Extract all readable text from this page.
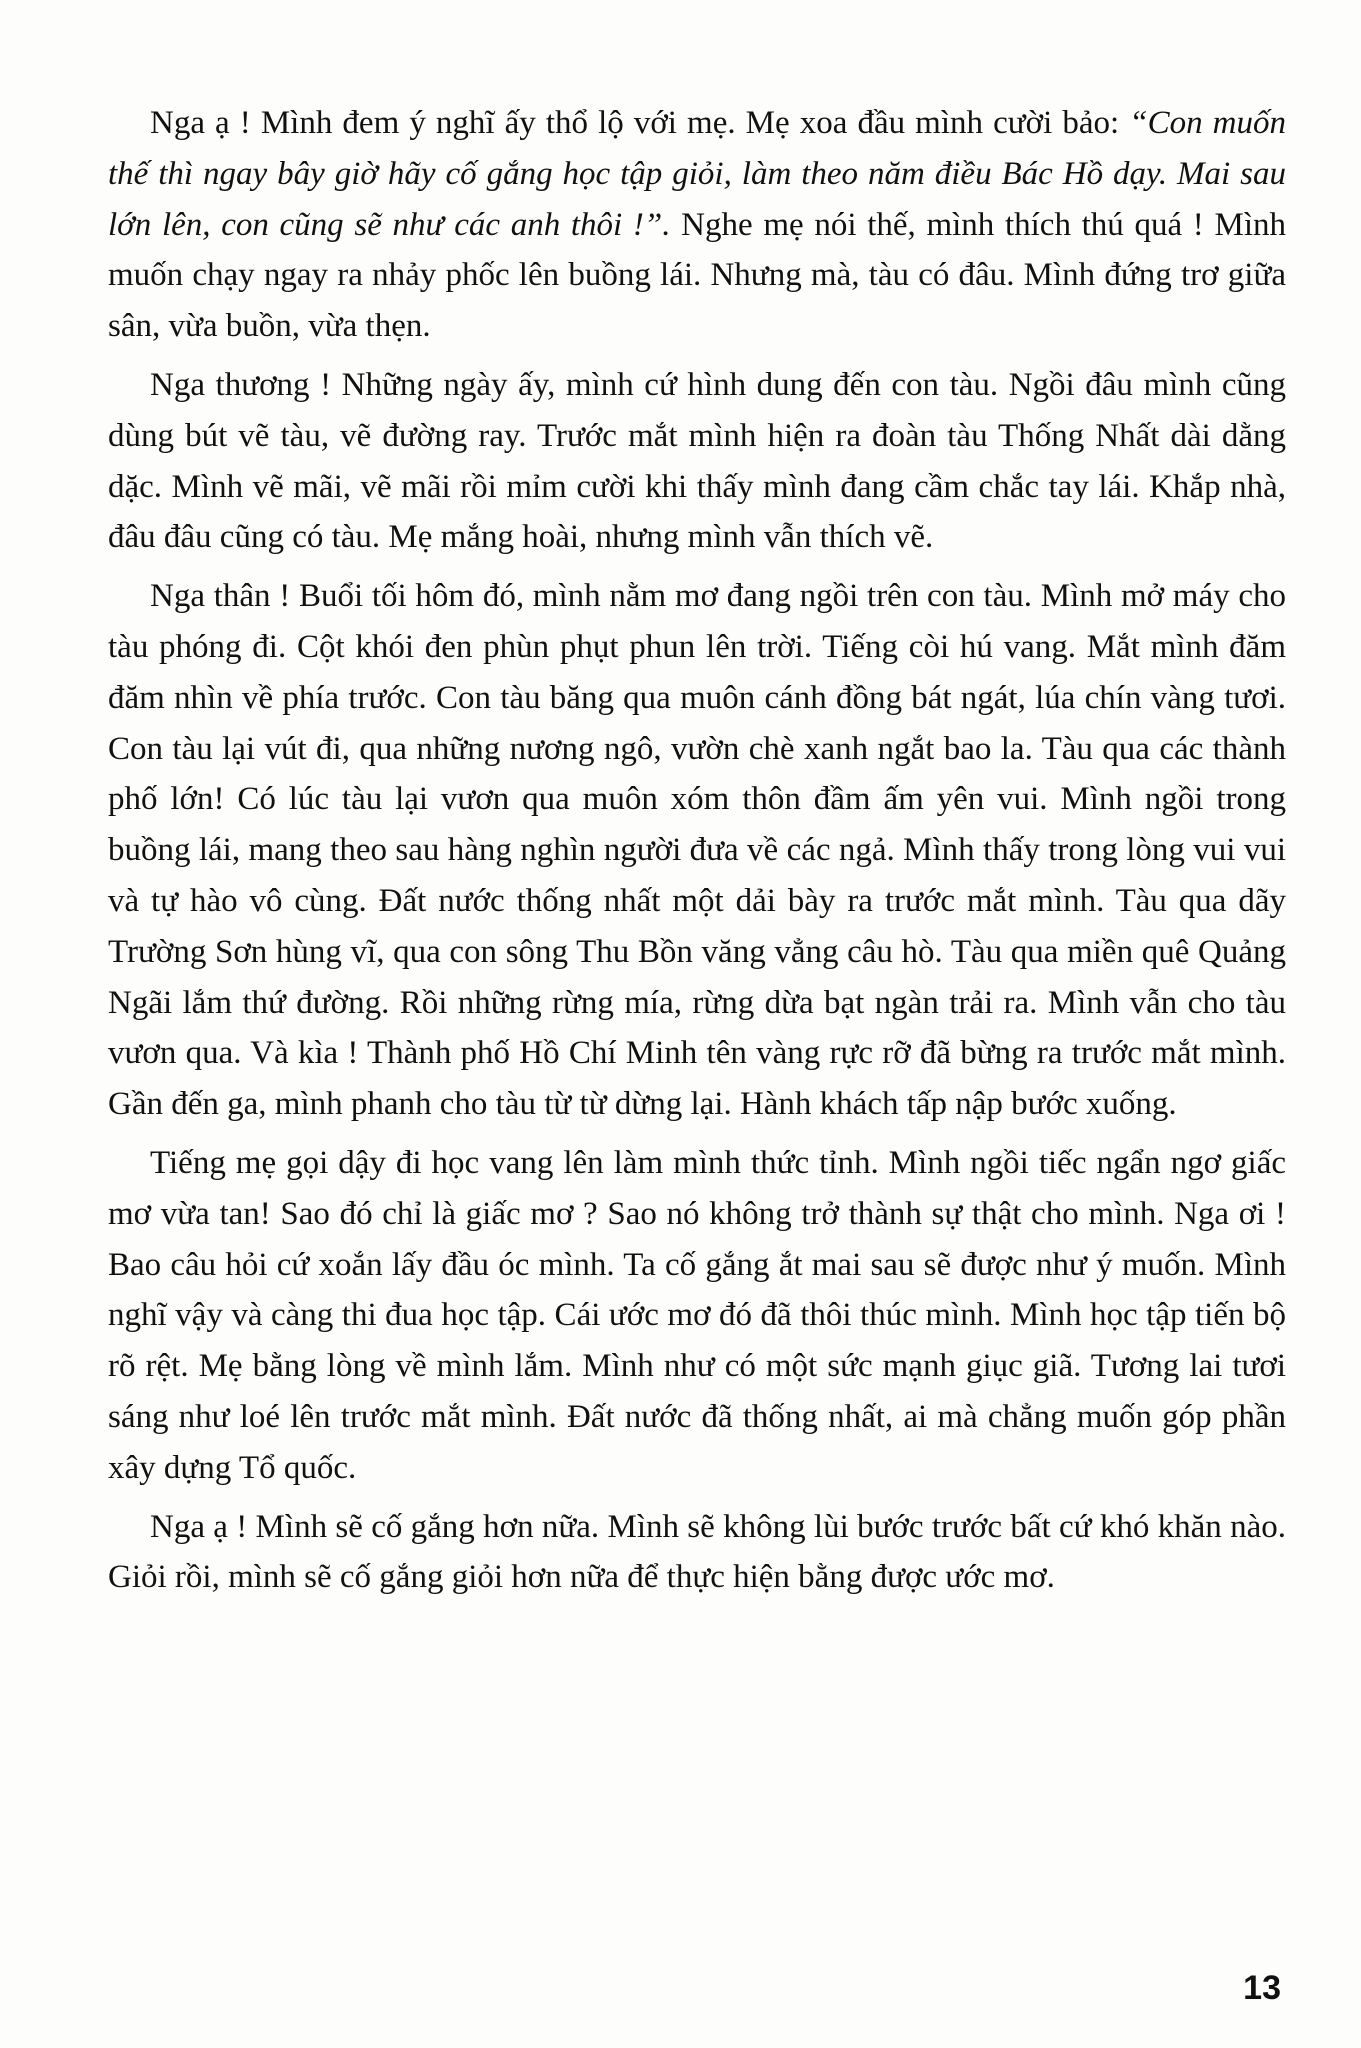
Nga ạ ! Mình đem ý nghĩ ấy thổ lộ với mẹ. Mẹ xoa đầu mình cười bảo: “Con muốn thế thì ngay bây giờ hãy cố gắng học tập giỏi, làm theo năm điều Bác Hồ dạy. Mai sau lớn lên, con cũng sẽ như các anh thôi !”. Nghe mẹ nói thế, mình thích thú quá ! Mình muốn chạy ngay ra nhảy phốc lên buồng lái. Nhưng mà, tàu có đâu. Mình đứng trơ giữa sân, vừa buồn, vừa thẹn.

Nga thương ! Những ngày ấy, mình cứ hình dung đến con tàu. Ngồi đâu mình cũng dùng bút vẽ tàu, vẽ đường ray. Trước mắt mình hiện ra đoàn tàu Thống Nhất dài dằng dặc. Mình vẽ mãi, vẽ mãi rồi mỉm cười khi thấy mình đang cầm chắc tay lái. Khắp nhà, đâu đâu cũng có tàu. Mẹ mắng hoài, nhưng mình vẫn thích vẽ.

Nga thân ! Buổi tối hôm đó, mình nằm mơ đang ngồi trên con tàu. Mình mở máy cho tàu phóng đi. Cột khói đen phùn phụt phun lên trời. Tiếng còi hú vang. Mắt mình đăm đăm nhìn về phía trước. Con tàu băng qua muôn cánh đồng bát ngát, lúa chín vàng tươi. Con tàu lại vút đi, qua những nương ngô, vườn chè xanh ngắt bao la. Tàu qua các thành phố lớn! Có lúc tàu lại vươn qua muôn xóm thôn đầm ấm yên vui. Mình ngồi trong buồng lái, mang theo sau hàng nghìn người đưa về các ngả. Mình thấy trong lòng vui vui và tự hào vô cùng. Đất nước thống nhất một dải bày ra trước mắt mình. Tàu qua dãy Trường Sơn hùng vĩ, qua con sông Thu Bồn văng vẳng câu hò. Tàu qua miền quê Quảng Ngãi lắm thứ đường. Rồi những rừng mía, rừng dừa bạt ngàn trải ra. Mình vẫn cho tàu vươn qua. Và kìa ! Thành phố Hồ Chí Minh tên vàng rực rỡ đã bừng ra trước mắt mình. Gần đến ga, mình phanh cho tàu từ từ dừng lại. Hành khách tấp nập bước xuống.

Tiếng mẹ gọi dậy đi học vang lên làm mình thức tỉnh. Mình ngồi tiếc ngẩn ngơ giấc mơ vừa tan! Sao đó chỉ là giấc mơ ? Sao nó không trở thành sự thật cho mình. Nga ơi ! Bao câu hỏi cứ xoắn lấy đầu óc mình. Ta cố gắng ắt mai sau sẽ được như ý muốn. Mình nghĩ vậy và càng thi đua học tập. Cái ước mơ đó đã thôi thúc mình. Mình học tập tiến bộ rõ rệt. Mẹ bằng lòng về mình lắm. Mình như có một sức mạnh giục giã. Tương lai tươi sáng như loé lên trước mắt mình. Đất nước đã thống nhất, ai mà chẳng muốn góp phần xây dựng Tổ quốc.

Nga ạ ! Mình sẽ cố gắng hơn nữa. Mình sẽ không lùi bước trước bất cứ khó khăn nào. Giỏi rồi, mình sẽ cố gắng giỏi hơn nữa để thực hiện bằng được ước mơ.

13
